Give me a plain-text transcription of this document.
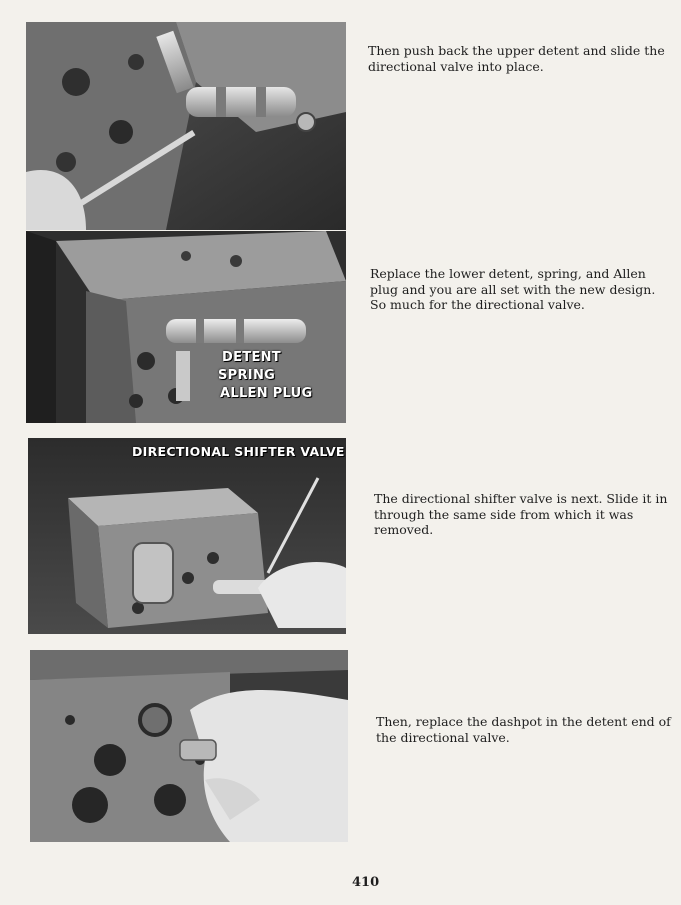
DETENT
SPRING
ALLEN PLUG
DIRECTIONAL SHIFTER VALVE

Then push back the upper detent and slide the directional valve into place.

Replace the lower detent, spring, and Allen plug and you are all set with the new design. So much for the directional valve.

The directional shifter valve is next. Slide it in through the same side from which it was removed.

Then, replace the dashpot in the detent end of the directional valve.

410
